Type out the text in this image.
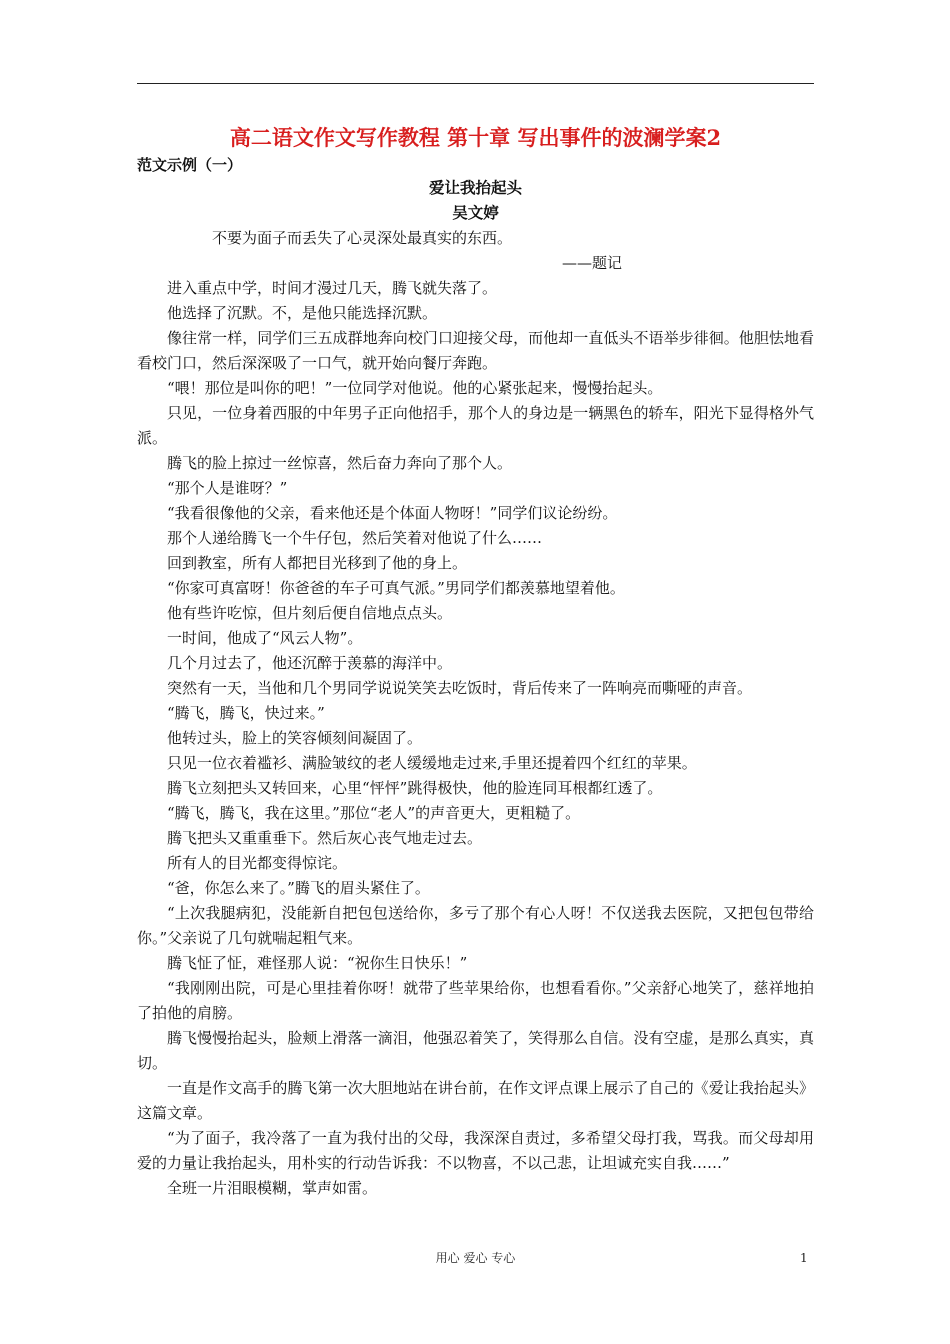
高二语文作文写作教程 第十章 写出事件的波澜学案2
范文示例（一）
爱让我抬起头
吴文婷
不要为面子而丢失了心灵深处最真实的东西。
——题记

进入重点中学，时间才漫过几天，腾飞就失落了。

他选择了沉默。不，是他只能选择沉默。

像往常一样，同学们三五成群地奔向校门口迎接父母，而他却一直低头不语举步徘徊。他胆怯地看看校门口，然后深深吸了一口气，就开始向餐厅奔跑。

“喂！那位是叫你的吧！”一位同学对他说。他的心紧张起来，慢慢抬起头。

只见，一位身着西服的中年男子正向他招手，那个人的身边是一辆黑色的轿车，阳光下显得格外气派。

腾飞的脸上掠过一丝惊喜，然后奋力奔向了那个人。

“那个人是谁呀？”

“我看很像他的父亲，看来他还是个体面人物呀！”同学们议论纷纷。

那个人递给腾飞一个牛仔包，然后笑着对他说了什么……

回到教室，所有人都把目光移到了他的身上。

“你家可真富呀！你爸爸的车子可真气派。”男同学们都羡慕地望着他。

他有些许吃惊，但片刻后便自信地点点头。

一时间，他成了“风云人物”。

几个月过去了，他还沉醉于羡慕的海洋中。

突然有一天，当他和几个男同学说说笑笑去吃饭时，背后传来了一阵响亮而嘶哑的声音。

“腾飞，腾飞，快过来。”

他转过头，脸上的笑容倾刻间凝固了。

只见一位衣着褴衫、满脸皱纹的老人缓缓地走过来,手里还提着四个红红的苹果。

腾飞立刻把头又转回来，心里“怦怦”跳得极快，他的脸连同耳根都红透了。

“腾飞，腾飞，我在这里。”那位“老人”的声音更大，更粗糙了。

腾飞把头又重重垂下。然后灰心丧气地走过去。

所有人的目光都变得惊诧。

“爸，你怎么来了。”腾飞的眉头紧住了。

“上次我腿病犯，没能新自把包包送给你，多亏了那个有心人呀！不仅送我去医院，又把包包带给你。”父亲说了几句就喘起粗气来。

腾飞怔了怔，难怪那人说：“祝你生日快乐！”

“我刚刚出院，可是心里挂着你呀！就带了些苹果给你，也想看看你。”父亲舒心地笑了，慈祥地拍了拍他的肩膀。

腾飞慢慢抬起头，脸颊上滑落一滴泪，他强忍着笑了，笑得那么自信。没有空虚，是那么真实，真切。

一直是作文高手的腾飞第一次大胆地站在讲台前，在作文评点课上展示了自己的《爱让我抬起头》这篇文章。

“为了面子，我冷落了一直为我付出的父母，我深深自责过，多希望父母打我，骂我。而父母却用爱的力量让我抬起头，用朴实的行动告诉我：不以物喜，不以己悲，让坦诚充实自我……”

全班一片泪眼模糊，掌声如雷。

用心 爱心 专心	1
